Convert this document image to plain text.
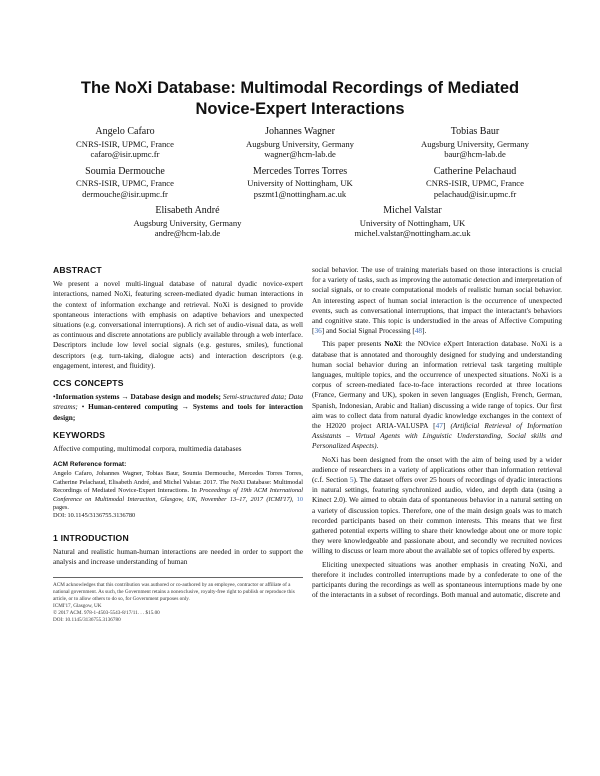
The NoXi Database: Multimodal Recordings of Mediated
Novice-Expert Interactions
Angelo Cafaro
CNRS-ISIR, UPMC, France
cafaro@isir.upmc.fr
Johannes Wagner
Augsburg University, Germany
wagner@hcm-lab.de
Tobias Baur
Augsburg University, Germany
baur@hcm-lab.de
Soumia Dermouche
CNRS-ISIR, UPMC, France
dermouche@isir.upmc.fr
Mercedes Torres Torres
University of Nottingham, UK
pszmt1@nottingham.ac.uk
Catherine Pelachaud
CNRS-ISIR, UPMC, France
pelachaud@isir.upmc.fr
Elisabeth André
Augsburg University, Germany
andre@hcm-lab.de
Michel Valstar
University of Nottingham, UK
michel.valstar@nottingham.ac.uk
ABSTRACT

We present a novel multi-lingual database of natural dyadic novice-expert interactions, named NoXi, featuring screen-mediated dyadic human interactions in the context of information exchange and retrieval. NoXi is designed to provide spontaneous interactions with emphasis on adaptive behaviors and unexpected situations (e.g. conversational interruptions). A rich set of audio-visual data, as well as continuous and discrete annotations are publicly available through a web interface. Descriptors include low level social signals (e.g. gestures, smiles), functional descriptors (e.g. turn-taking, dialogue acts) and interaction descriptors (e.g. engagement, interest, and fluidity).

CCS CONCEPTS

•Information systems → Database design and models; Semi-structured data; Data streams; • Human-centered computing → Systems and tools for interaction design;

KEYWORDS

Affective computing, multimodal corpora, multimedia databases

ACM Reference format:

Angelo Cafaro, Johannes Wagner, Tobias Baur, Soumia Dermouche, Mercedes Torres Torres, Catherine Pelachaud, Elisabeth André, and Michel Valstar. 2017. The NoXi Database: Multimodal Recordings of Mediated Novice-Expert Interactions. In Proceedings of 19th ACM International Conference on Multimodal Interaction, Glasgow, UK, November 13–17, 2017 (ICMI'17), 10 pages.
DOI: 10.1145/3136755.3136780

1 INTRODUCTION

Natural and realistic human-human interactions are needed in order to support the analysis and increase understanding of human

ACM acknowledges that this contribution was authored or co-authored by an employee, contractor or affiliate of a national government. As such, the Government retains a nonexclusive, royalty-free right to publish or reproduce this article, or to allow others to do so, for Government purposes only.

ICMI'17, Glasgow, UK

© 2017 ACM. 978-1-4503-5543-8/17/11. . . $15.00

DOI: 10.1145/3136755.3136780

social behavior. The use of training materials based on those interactions is crucial for a variety of tasks, such as improving the automatic detection and interpretation of social signals, or to create computational models of realistic human social behavior. An interesting aspect of human social interaction is the occurrence of unexpected events, such as conversational interruptions, that impact the interactant's behaviors and cognitive state. This topic is understudied in the areas of Affective Computing [36] and Social Signal Processing [48].

This paper presents NoXi: the NOvice eXpert Interaction database. NoXi is a database that is annotated and thoroughly designed for studying and understanding human social behavior during an information retrieval task targeting multiple languages, multiple topics, and the occurrence of unexpected situations. NoXi is a corpus of screen-mediated face-to-face interactions recorded at three locations (France, Germany and UK), spoken in seven languages (English, French, German, Spanish, Indonesian, Arabic and Italian) discussing a wide range of topics. Our first aim was to collect data from natural dyadic knowledge exchanges in the context of the H2020 project ARIA-VALUSPA [47] (Artificial Retrieval of Information Assistants – Virtual Agents with Linguistic Understanding, Social skills and Personalized Aspects).

NoXi has been designed from the onset with the aim of being used by a wider audience of researchers in a variety of applications other than information retrieval (c.f. Section 5). The dataset offers over 25 hours of recordings of dyadic interactions in natural settings, featuring synchronized audio, video, and depth data (using a Kinect 2.0). We aimed to obtain data of spontaneous behavior in a natural setting on a variety of discussion topics. Therefore, one of the main design goals was to match recorded participants based on their common interests. This means that we first gathered potential experts willing to share their knowledge about one or more topic they were knowledgeable and passionate about, and secondly we recruited novices willing to discuss or learn more about the available set of topics offered by experts.

Eliciting unexpected situations was another emphasis in creating NoXi, and therefore it includes controlled interruptions made by a confederate to one of the participants during the recordings as well as spontaneous interruptions made by one of the interactants in a subset of recordings. Both manual and automatic, discrete and
